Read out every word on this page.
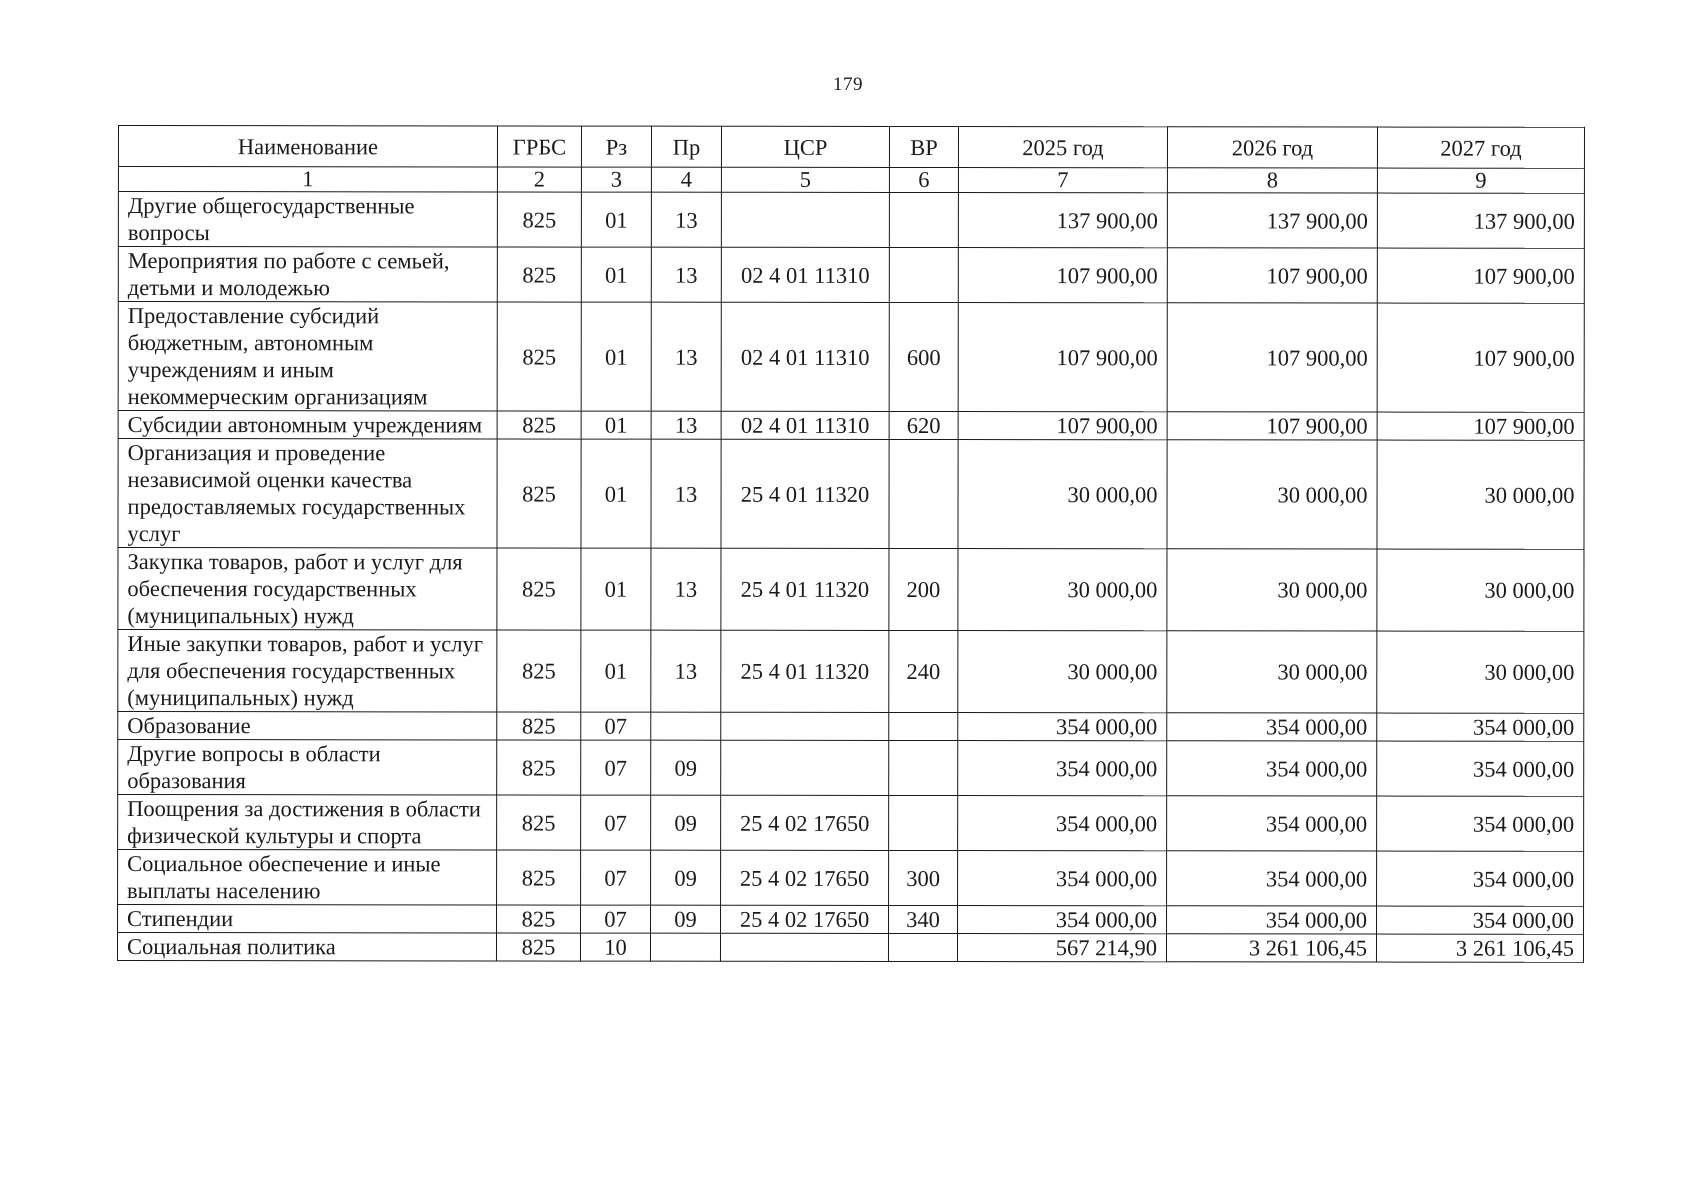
179
Наименование	ГРБС	Рз	Пр	ЦСР	ВР	2025 год	2026 год	2027 год
1	2	3	4	5	6	7	8	9
Другие общегосударственные вопросы	825	01	13			137 900,00	137 900,00	137 900,00
Мероприятия по работе с семьей, детьми и молодежью	825	01	13	02 4 01 11310		107 900,00	107 900,00	107 900,00
Предоставление субсидий бюджетным, автономным учреждениям и иным некоммерческим организациям	825	01	13	02 4 01 11310	600	107 900,00	107 900,00	107 900,00
Субсидии автономным учреждениям	825	01	13	02 4 01 11310	620	107 900,00	107 900,00	107 900,00
Организация и проведение независимой оценки качества предоставляемых государственных услуг	825	01	13	25 4 01 11320		30 000,00	30 000,00	30 000,00
Закупка товаров, работ и услуг для обеспечения государственных (муниципальных) нужд	825	01	13	25 4 01 11320	200	30 000,00	30 000,00	30 000,00
Иные закупки товаров, работ и услуг для обеспечения государственных (муниципальных) нужд	825	01	13	25 4 01 11320	240	30 000,00	30 000,00	30 000,00
Образование	825	07				354 000,00	354 000,00	354 000,00
Другие вопросы в области образования	825	07	09			354 000,00	354 000,00	354 000,00
Поощрения за достижения в области физической культуры и спорта	825	07	09	25 4 02 17650		354 000,00	354 000,00	354 000,00
Социальное обеспечение и иные выплаты населению	825	07	09	25 4 02 17650	300	354 000,00	354 000,00	354 000,00
Стипендии	825	07	09	25 4 02 17650	340	354 000,00	354 000,00	354 000,00
Социальная политика	825	10				567 214,90	3 261 106,45	3 261 106,45
